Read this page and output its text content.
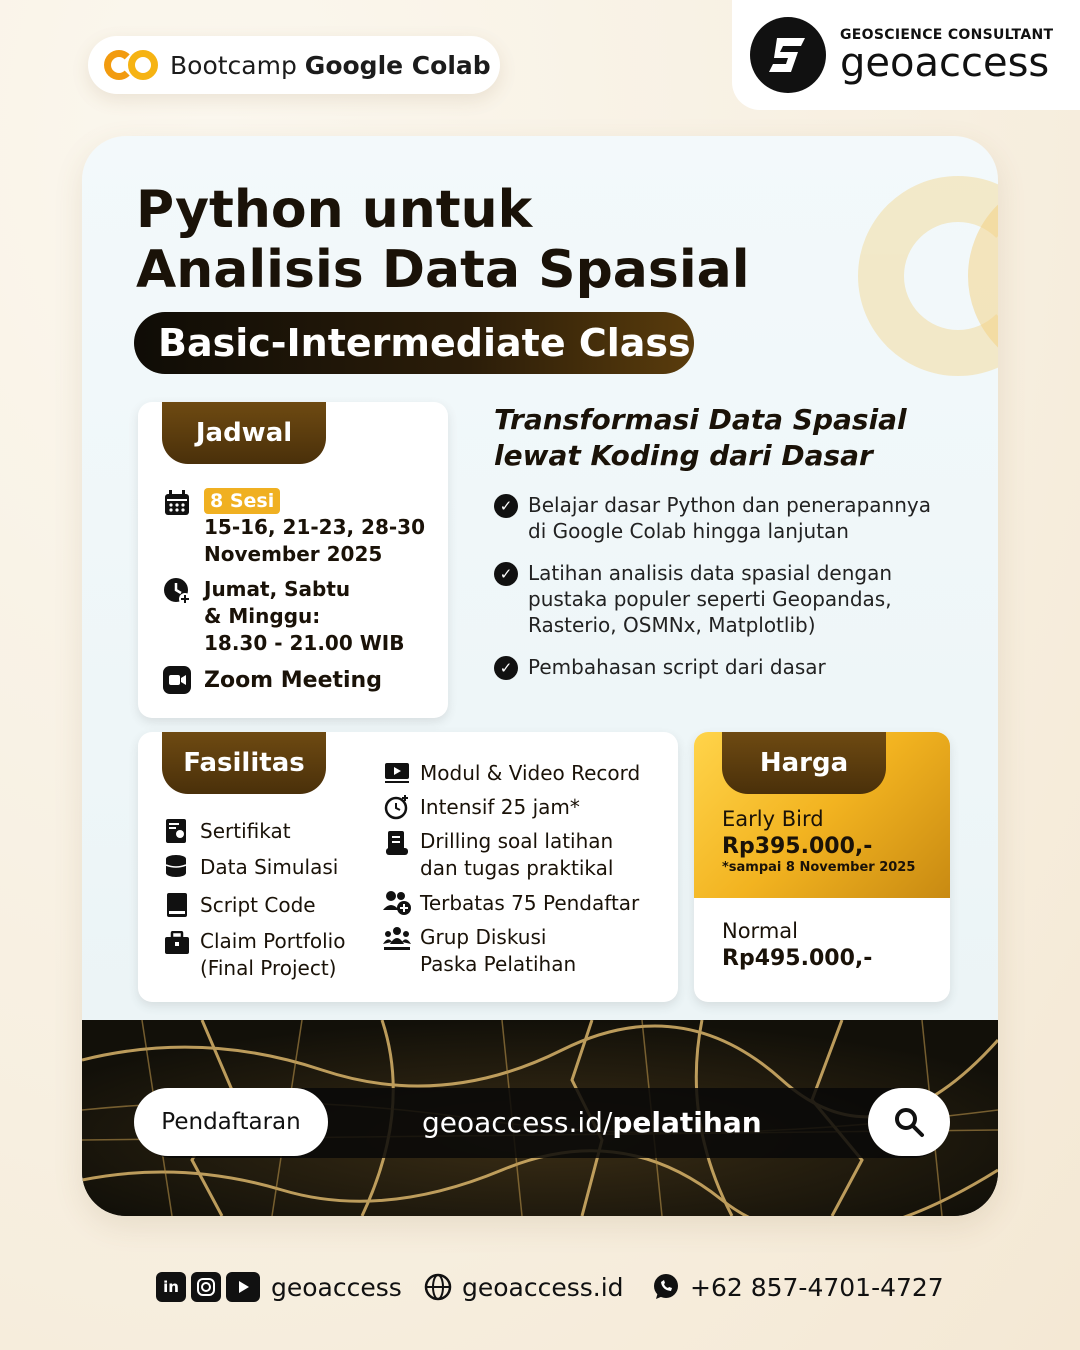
Bootcamp Google Colab
GEOSCIENCE CONSULTANT
geoaccess
Python untuk
Analisis Data Spasial
Basic-Intermediate Class
Jadwal
8 Sesi
15-16, 21-23, 28-30
November 2025
Jumat, Sabtu
& Minggu:
18.30 - 21.00 WIB
Zoom Meeting
Transformasi Data Spasial
lewat Koding dari Dasar
✓ Belajar dasar Python dan penerapannya
di Google Colab hingga lanjutan
✓ Latihan analisis data spasial dengan
pustaka populer seperti Geopandas,
Rasterio, OSMNx, Matplotlib)
✓ Pembahasan script dari dasar
Fasilitas
Sertifikat
Data Simulasi
Script Code
Claim Portfolio
(Final Project)
Modul & Video Record
Intensif 25 jam*
Drilling soal latihan
dan tugas praktikal
Terbatas 75 Pendaftar
Grup Diskusi
Paska Pelatihan
Harga
Early Bird
Rp395.000,-
*sampai 8 November 2025
Normal
Rp495.000,-
Pendaftaran	geoaccess.id/pelatihan
in	geoaccess geoaccess.id	+62 857-4701-4727
